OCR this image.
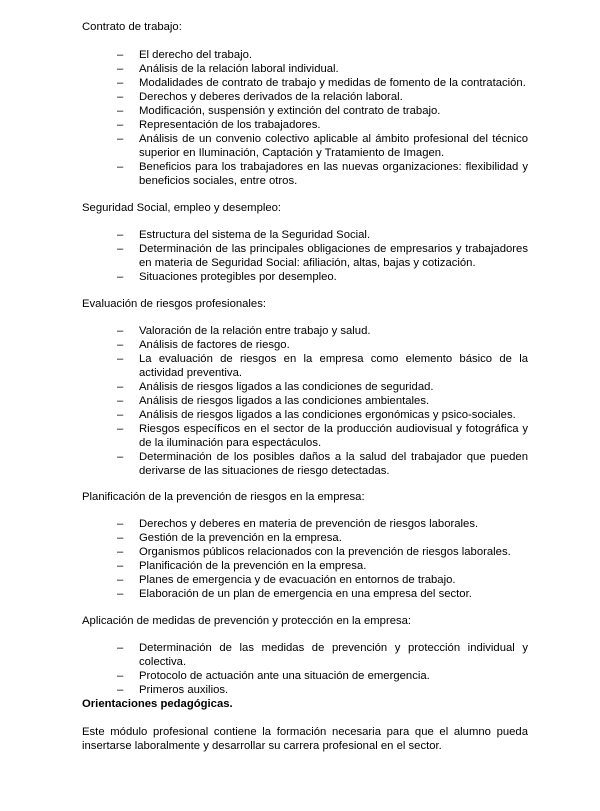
Contrato de trabajo:

– El derecho del trabajo.
– Análisis de la relación laboral individual.
– Modalidades de contrato de trabajo y medidas de fomento de la contratación.
– Derechos y deberes derivados de la relación laboral.
– Modificación, suspensión y extinción del contrato de trabajo.
– Representación de los trabajadores.
– Análisis de un convenio colectivo aplicable al ámbito profesional del técnico superior en Iluminación, Captación y Tratamiento de Imagen.
– Beneficios para los trabajadores en las nuevas organizaciones: flexibilidad y beneficios sociales, entre otros.

Seguridad Social, empleo y desempleo:

– Estructura del sistema de la Seguridad Social.
– Determinación de las principales obligaciones de empresarios y trabajadores en materia de Seguridad Social: afiliación, altas, bajas y cotización.
– Situaciones protegibles por desempleo.

Evaluación de riesgos profesionales:

– Valoración de la relación entre trabajo y salud.
– Análisis de factores de riesgo.
– La evaluación de riesgos en la empresa como elemento básico de la actividad preventiva.
– Análisis de riesgos ligados a las condiciones de seguridad.
– Análisis de riesgos ligados a las condiciones ambientales.
– Análisis de riesgos ligados a las condiciones ergonómicas y psico-sociales.
– Riesgos específicos en el sector de la producción audiovisual y fotográfica y de la iluminación para espectáculos.
– Determinación de los posibles daños a la salud del trabajador que pueden derivarse de las situaciones de riesgo detectadas.

Planificación de la prevención de riesgos en la empresa:

– Derechos y deberes en materia de prevención de riesgos laborales.
– Gestión de la prevención en la empresa.
– Organismos públicos relacionados con la prevención de riesgos laborales.
– Planificación de la prevención en la empresa.
– Planes de emergencia y de evacuación en entornos de trabajo.
– Elaboración de un plan de emergencia en una empresa del sector.

Aplicación de medidas de prevención y protección en la empresa:

– Determinación de las medidas de prevención y protección individual y colectiva.
– Protocolo de actuación ante una situación de emergencia.
– Primeros auxilios.

Orientaciones pedagógicas.

Este módulo profesional contiene la formación necesaria para que el alumno pueda insertarse laboralmente y desarrollar su carrera profesional en el sector.
